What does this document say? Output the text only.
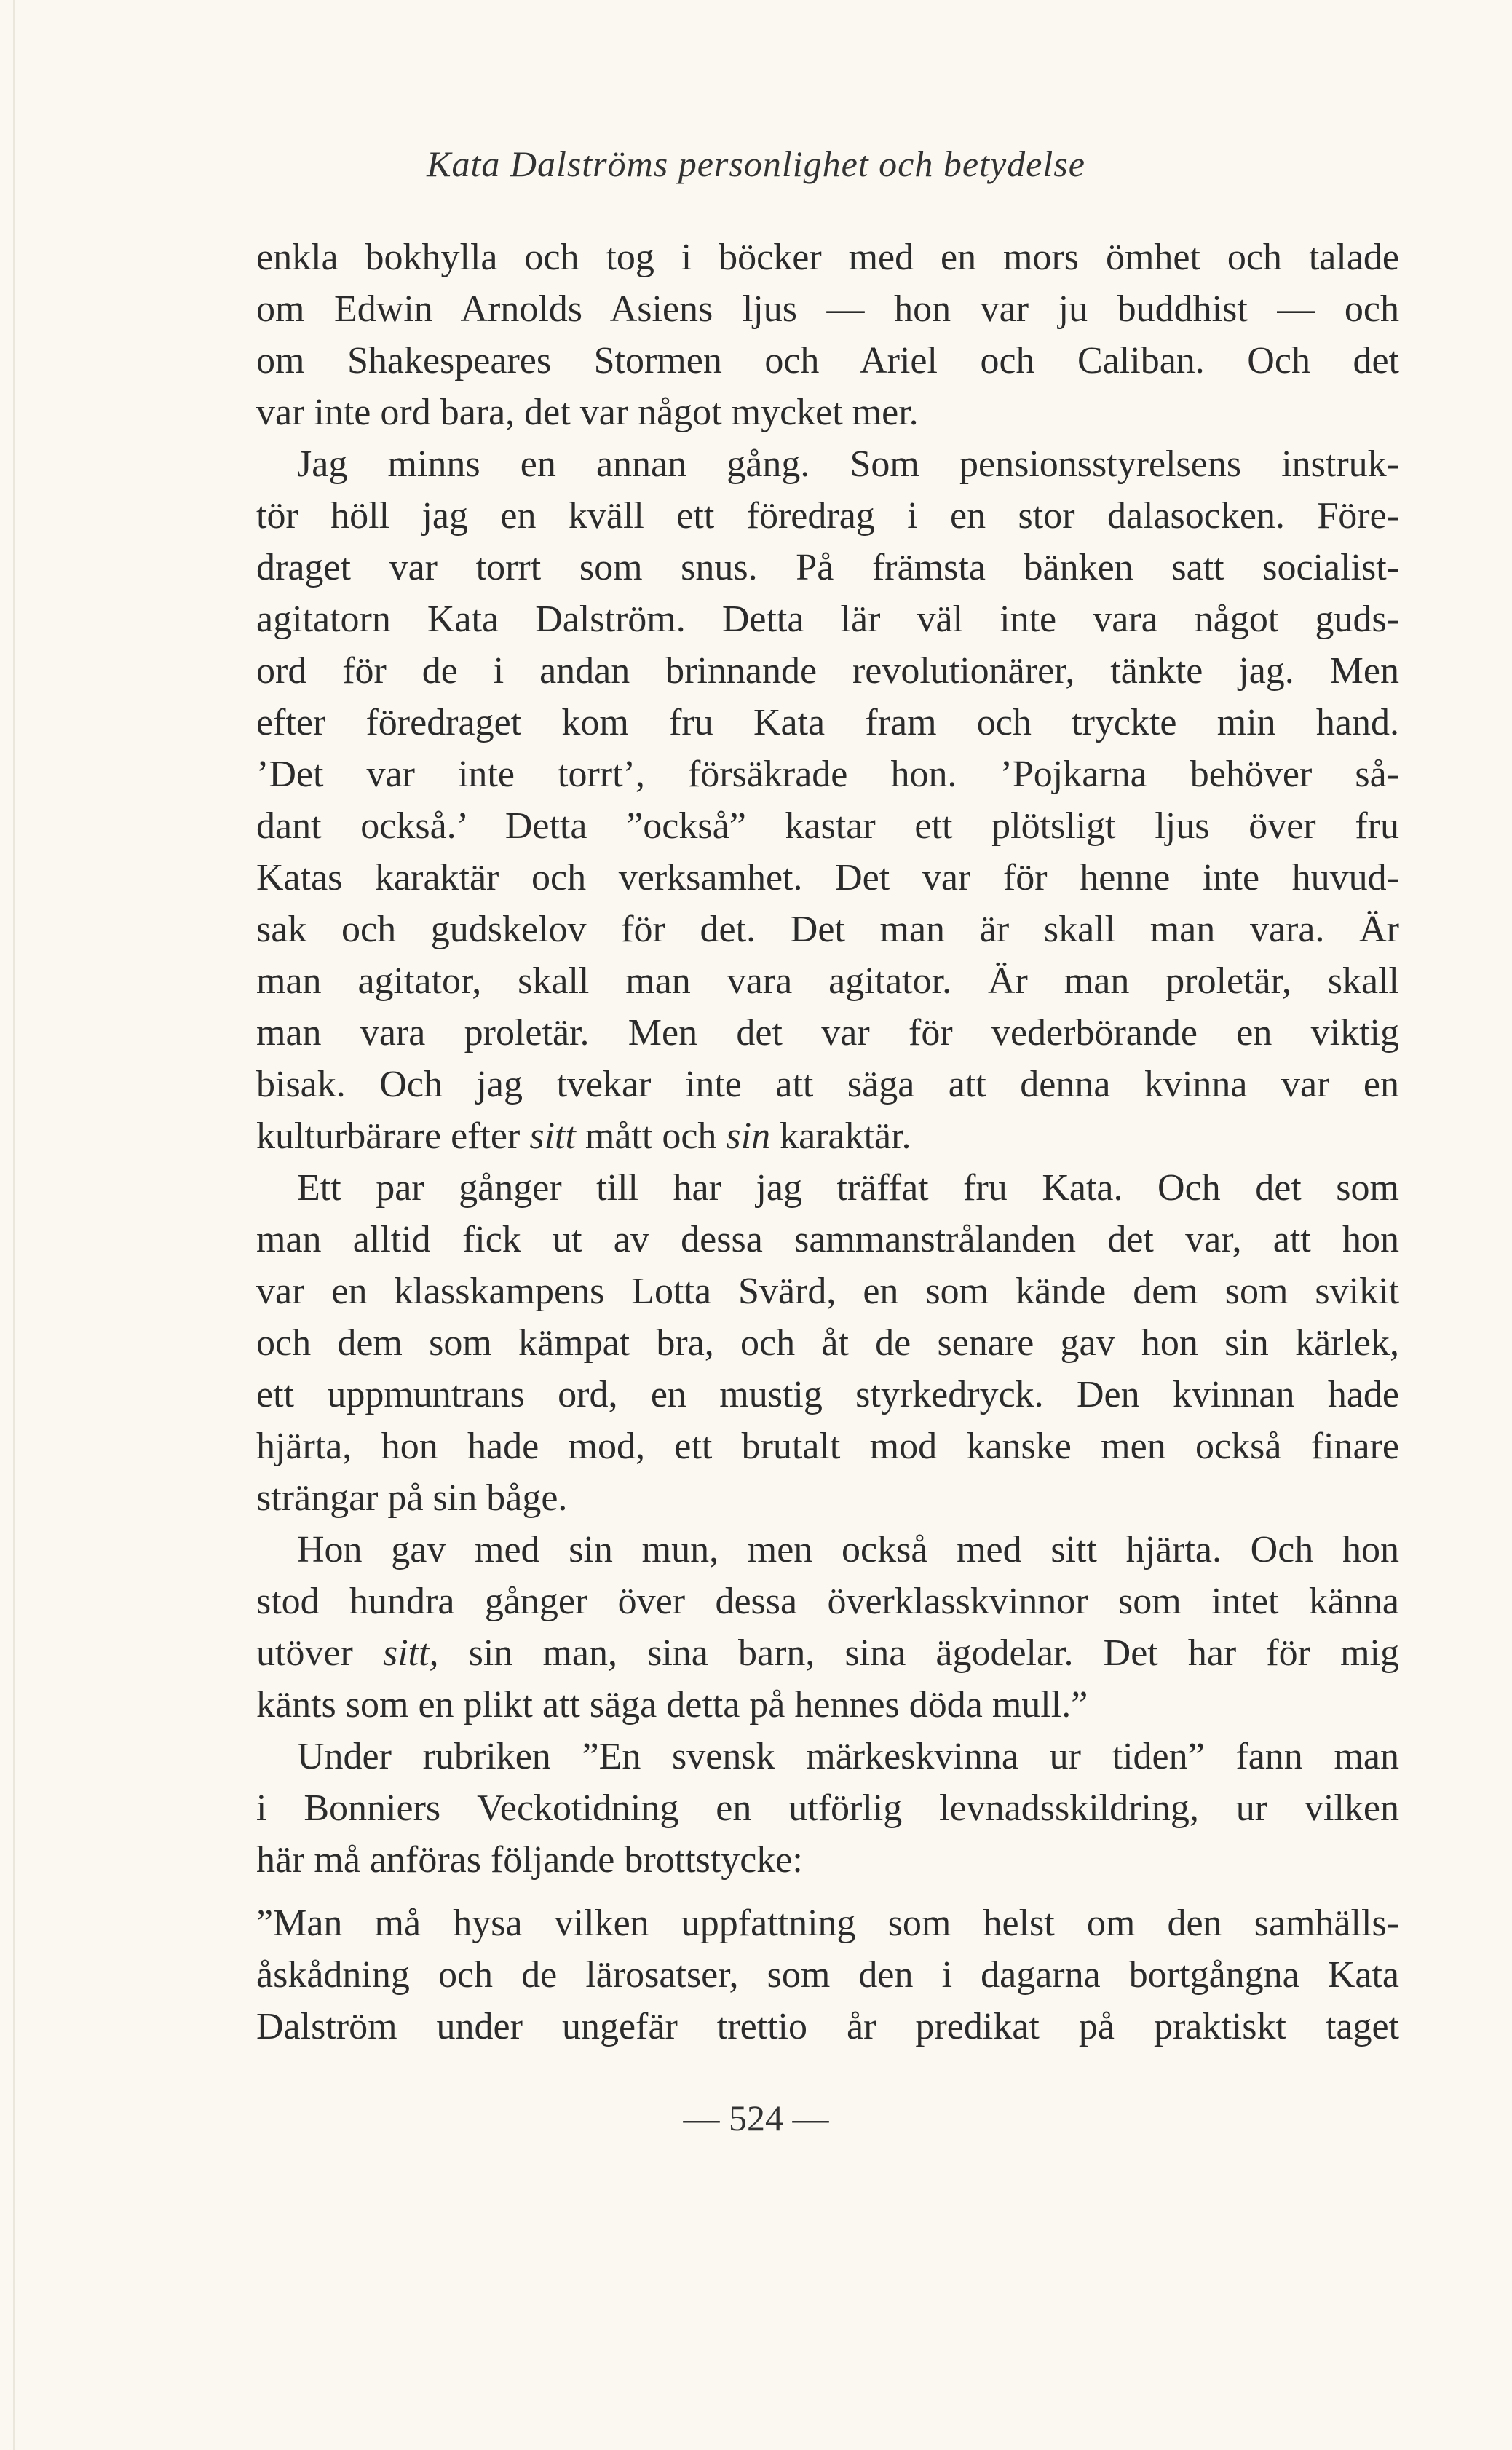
Kata Dalströms personlighet och betydelse
enkla bokhylla och tog i böcker med en mors ömhet och talade
om Edwin Arnolds Asiens ljus — hon var ju buddhist — och
om Shakespeares Stormen och Ariel och Caliban. Och det
var inte ord bara, det var något mycket mer.
Jag minns en annan gång. Som pensionsstyrelsens instruk-
tör höll jag en kväll ett föredrag i en stor dalasocken. Före-
draget var torrt som snus. På främsta bänken satt socialist-
agitatorn Kata Dalström. Detta lär väl inte vara något guds-
ord för de i andan brinnande revolutionärer, tänkte jag. Men
efter föredraget kom fru Kata fram och tryckte min hand.
’Det var inte torrt’, försäkrade hon. ’Pojkarna behöver så-
dant också.’ Detta ”också” kastar ett plötsligt ljus över fru
Katas karaktär och verksamhet. Det var för henne inte huvud-
sak och gudskelov för det. Det man är skall man vara. Är
man agitator, skall man vara agitator. Är man proletär, skall
man vara proletär. Men det var för vederbörande en viktig
bisak. Och jag tvekar inte att säga att denna kvinna var en
kulturbärare efter sitt mått och sin karaktär.
Ett par gånger till har jag träffat fru Kata. Och det som
man alltid fick ut av dessa sammanstrålanden det var, att hon
var en klasskampens Lotta Svärd, en som kände dem som svikit
och dem som kämpat bra, och åt de senare gav hon sin kärlek,
ett uppmuntrans ord, en mustig styrkedryck. Den kvinnan hade
hjärta, hon hade mod, ett brutalt mod kanske men också finare
strängar på sin båge.
Hon gav med sin mun, men också med sitt hjärta. Och hon
stod hundra gånger över dessa överklasskvinnor som intet känna
utöver sitt, sin man, sina barn, sina ägodelar. Det har för mig
känts som en plikt att säga detta på hennes döda mull.”
Under rubriken ”En svensk märkeskvinna ur tiden” fann man
i Bonniers Veckotidning en utförlig levnadsskildring, ur vilken
här må anföras följande brottstycke:
”Man må hysa vilken uppfattning som helst om den samhälls-
åskådning och de lärosatser, som den i dagarna bortgångna Kata
Dalström under ungefär trettio år predikat på praktiskt taget
— 524 —
